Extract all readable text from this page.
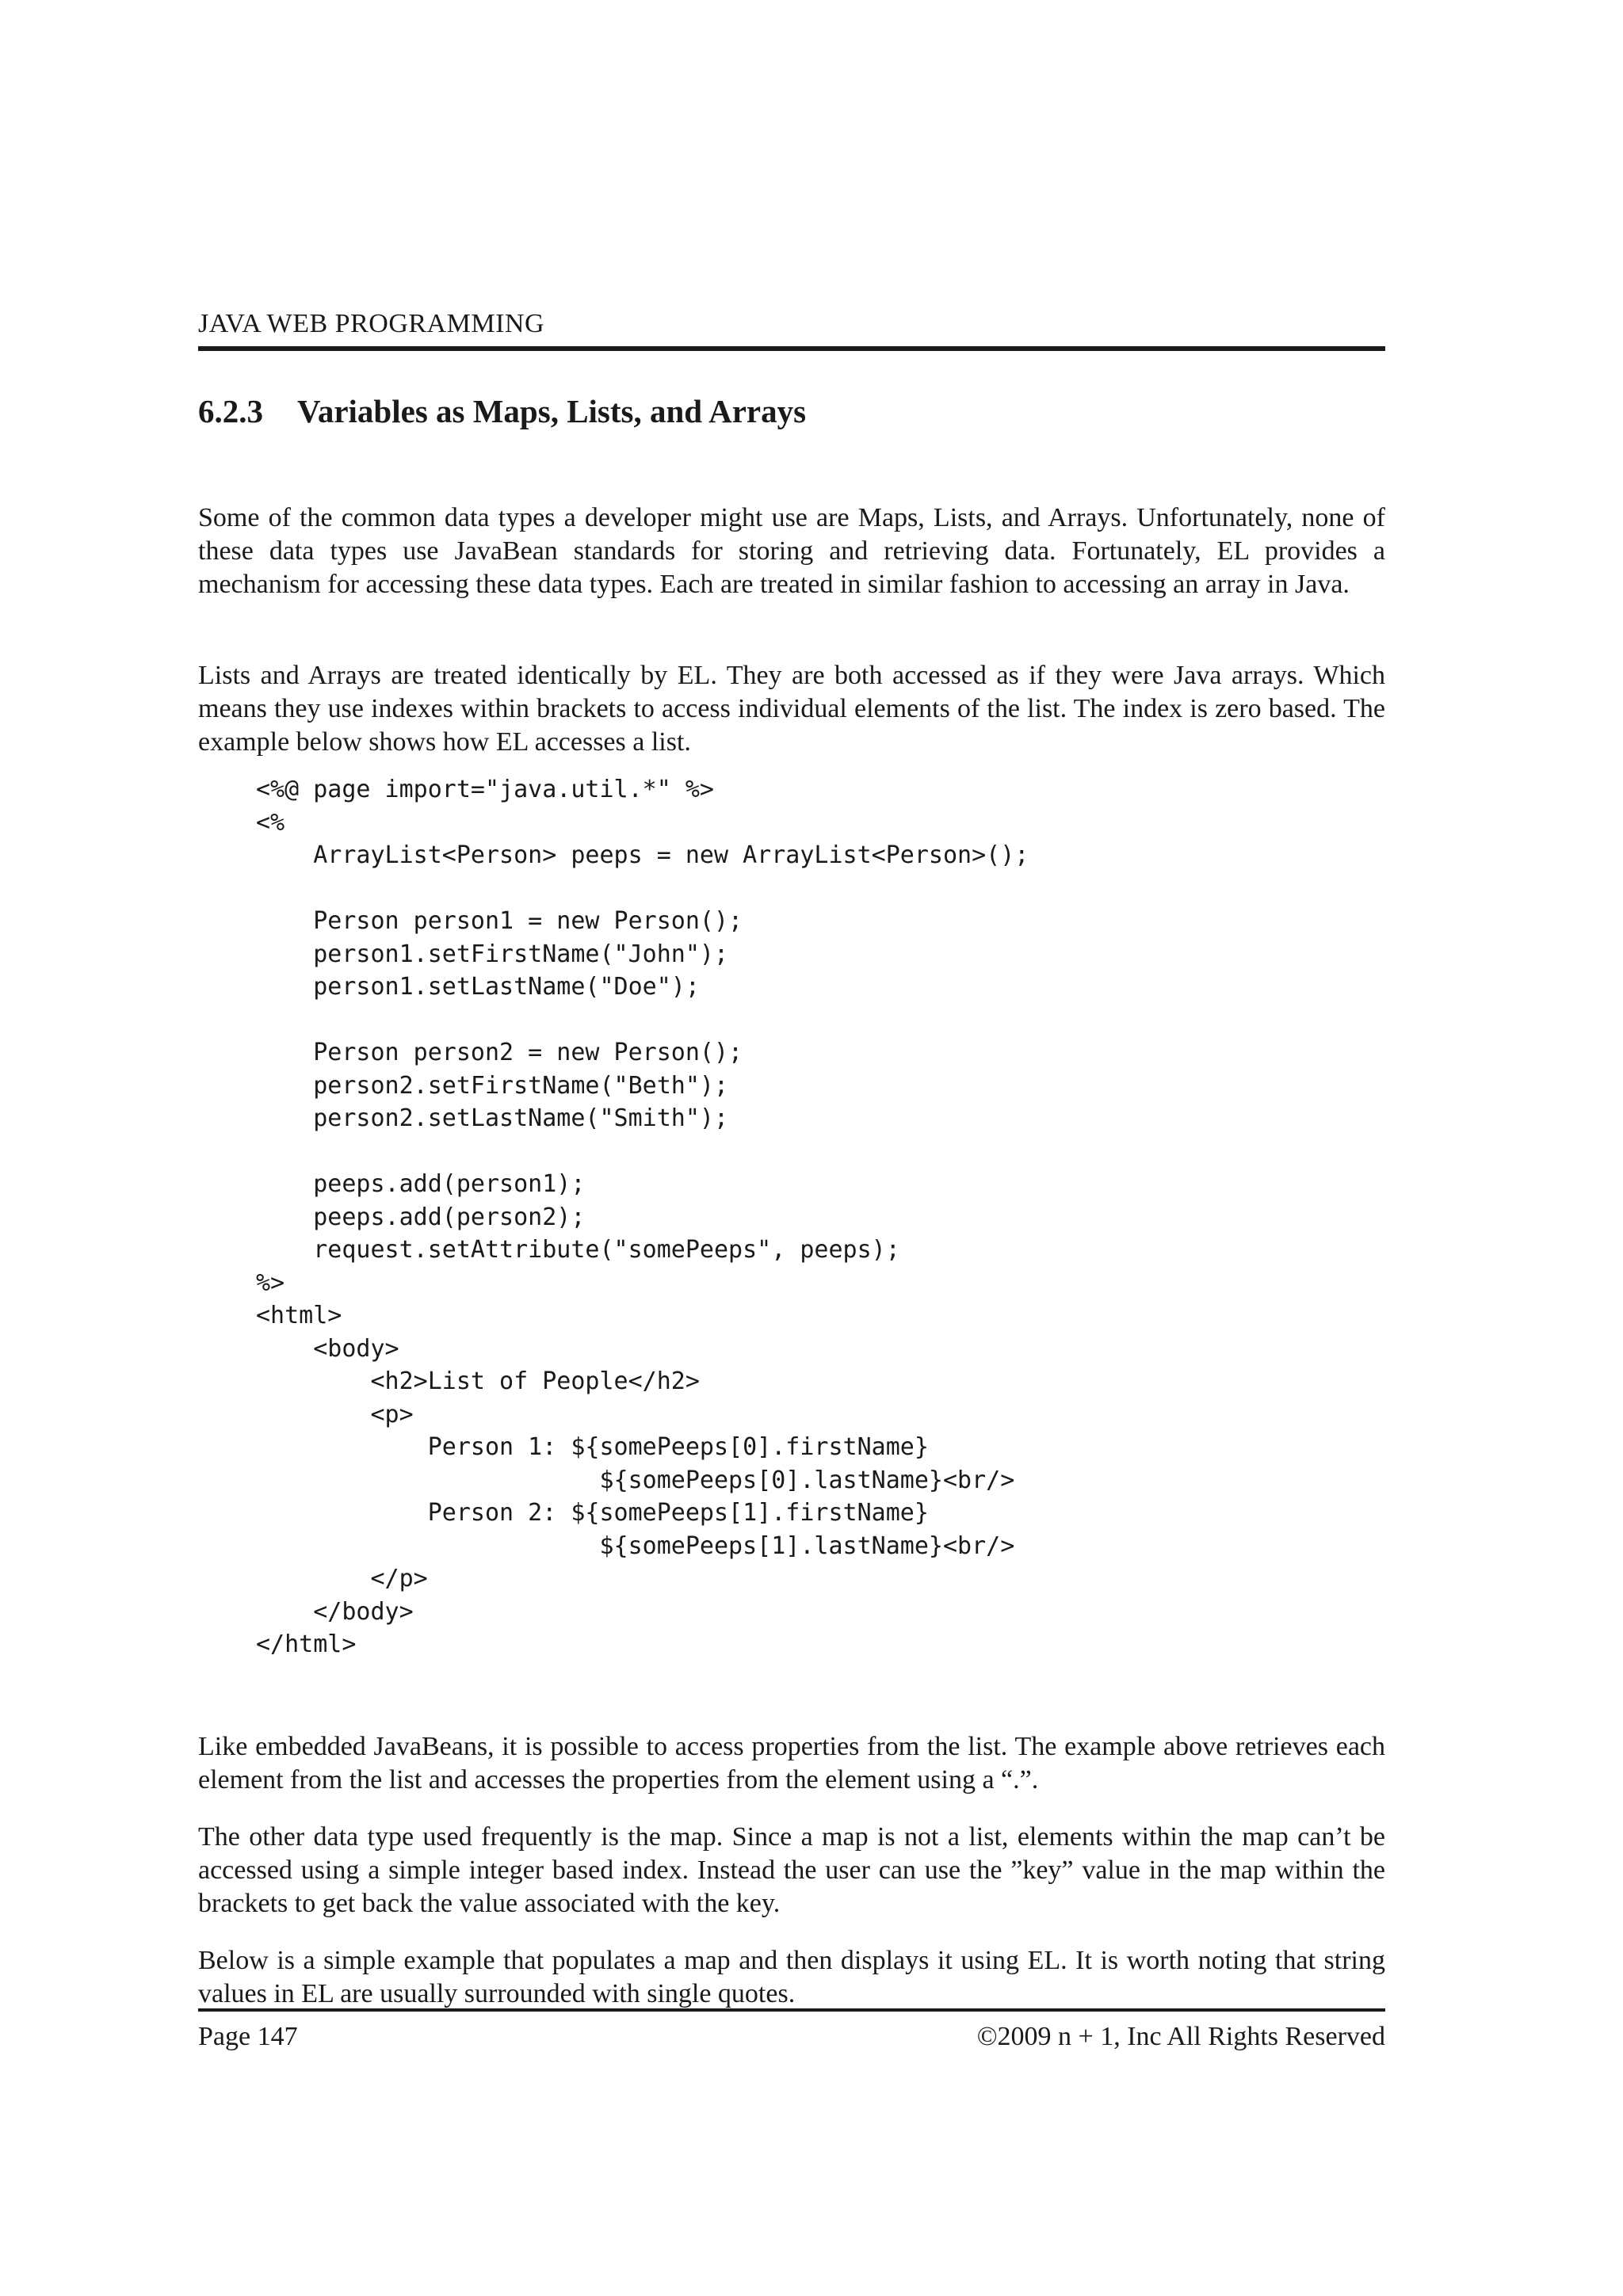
JAVA WEB PROGRAMMING
6.2.3 Variables as Maps, Lists, and Arrays

Some of the common data types a developer might use are Maps, Lists, and Arrays. Unfortunately, none of these data types use JavaBean standards for storing and retrieving data. Fortunately, EL provides a mechanism for accessing these data types. Each are treated in similar fashion to accessing an array in Java.

Lists and Arrays are treated identically by EL. They are both accessed as if they were Java arrays. Which means they use indexes within brackets to access individual elements of the list. The index is zero based. The example below shows how EL accesses a list.

<%@ page import="java.util.*" %>
<%
ArrayList<Person> peeps = new ArrayList<Person>();
Person person1 = new Person();
person1.setFirstName("John");
person1.setLastName("Doe");
Person person2 = new Person();
person2.setFirstName("Beth");
person2.setLastName("Smith");
peeps.add(person1);
peeps.add(person2);
request.setAttribute("somePeeps", peeps);
%>
<html>
<body>
<h2>List of People</h2>
<p>
Person 1: ${somePeeps[0].firstName}
${somePeeps[0].lastName}<br/>
Person 2: ${somePeeps[1].firstName}
${somePeeps[1].lastName}<br/>
</p>
</body>
</html>

Like embedded JavaBeans, it is possible to access properties from the list. The example above retrieves each element from the list and accesses the properties from the element using a “.”.

The other data type used frequently is the map. Since a map is not a list, elements within the map can’t be accessed using a simple integer based index. Instead the user can use the ”key” value in the map within the brackets to get back the value associated with the key.

Below is a simple example that populates a map and then displays it using EL. It is worth noting that string values in EL are usually surrounded with single quotes.

Page 147	©2009 n + 1, Inc All Rights Reserved
